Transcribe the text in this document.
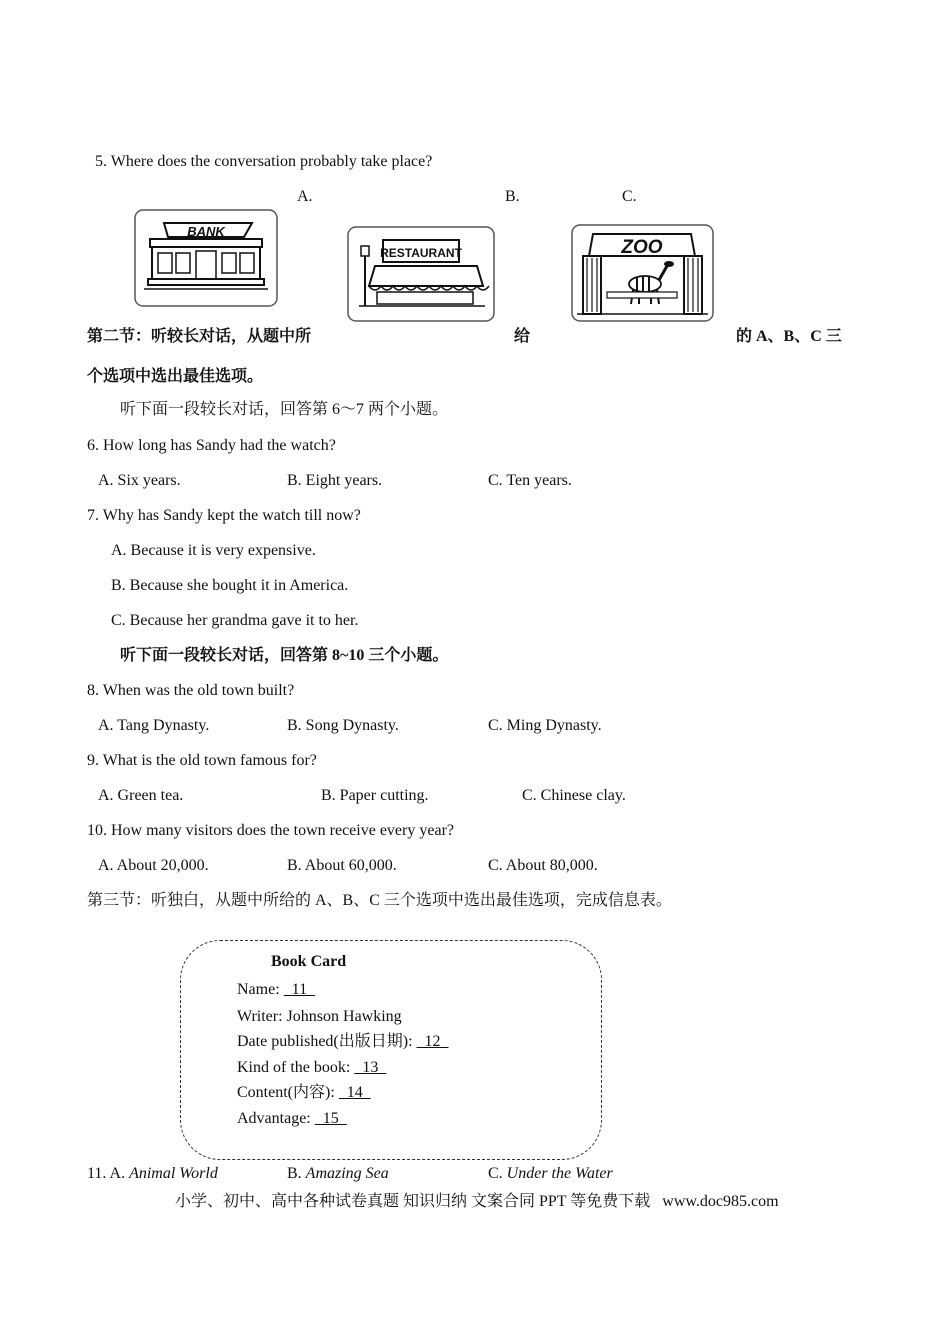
5. Where does the conversation probably take place?
A.	B.	C.
BANK
RESTAURANT	ZOO
第二节：听较长对话，从题中所	给	的 A、B、C 三
个选项中选出最佳选项。
听下面一段较长对话，回答第 6～7 两个小题。
6. How long has Sandy had the watch?
A. Six years.	B. Eight years.	C. Ten years.
7. Why has Sandy kept the watch till now?
A. Because it is very expensive.
B. Because she bought it in America.
C. Because her grandma gave it to her.
听下面一段较长对话，回答第 8~10 三个小题。
8. When was the old town built?
A. Tang Dynasty.	B. Song Dynasty.	C. Ming Dynasty.
9. What is the old town famous for?
A. Green tea.	B. Paper cutting.	C. Chinese clay.
10. How many visitors does the town receive every year?
A. About 20,000.	B. About 60,000.	C. About 80,000.
第三节：听独白，从题中所给的 A、B、C 三个选项中选出最佳选项，完成信息表。
Book Card
Name:   11
Writer: Johnson Hawking
Date published(出版日期):   12
Kind of the book:   13
Content(内容):   14
Advantage:   15
11. A. Animal World	B. Amazing Sea	C. Under the Water
小学、初中、高中各种试卷真题 知识归纳 文案合同 PPT 等免费下载   www.doc985.com
